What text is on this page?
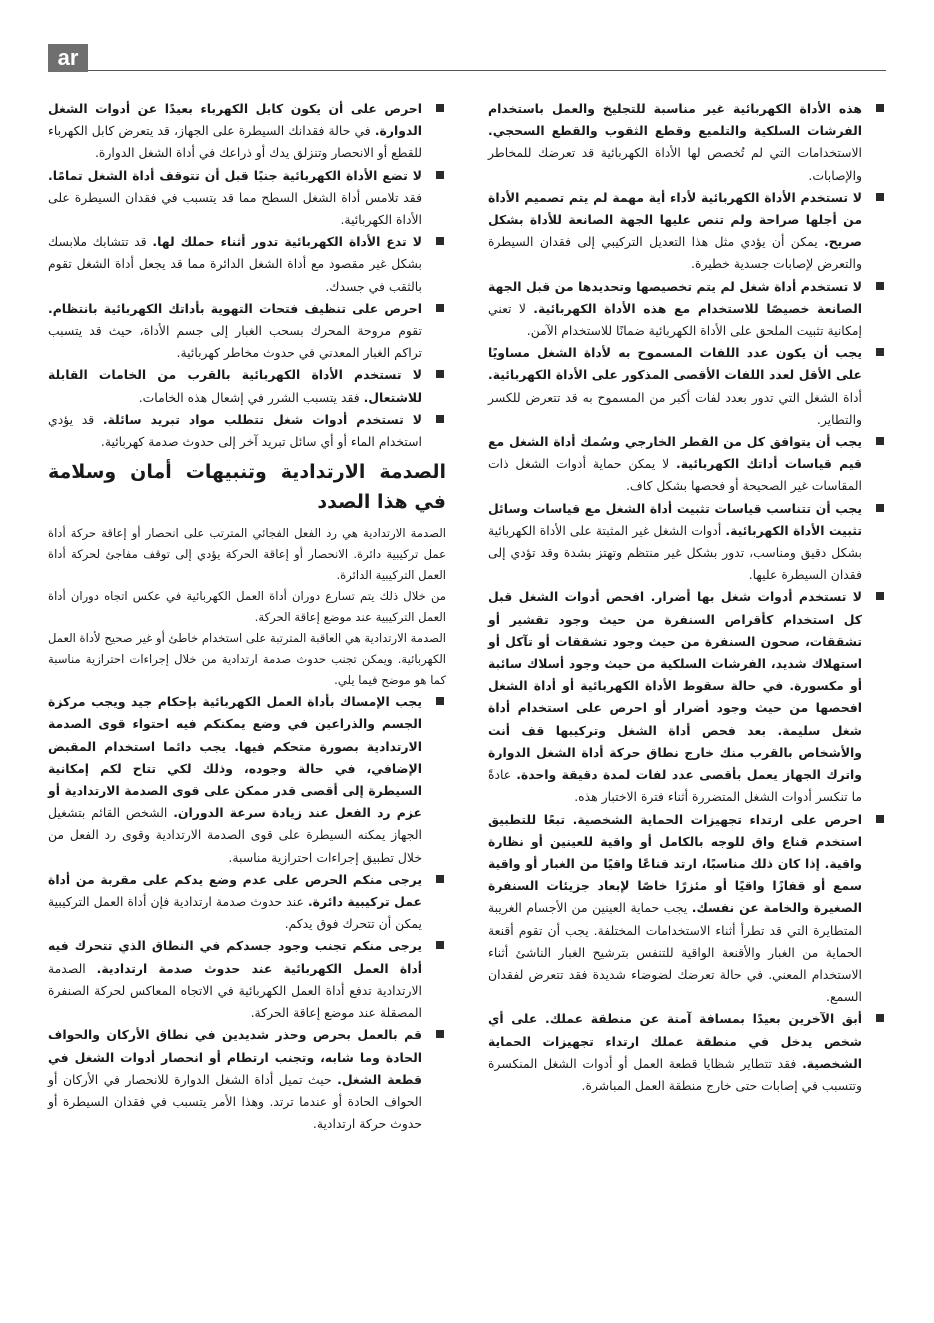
ar
هذه الأداة الكهربائية غير مناسبة للتجليخ والعمل باستخدام الفرشات السلكية والتلميع وقطع الثقوب والقطع السحجي. الاستخدامات التي لم تُخصص لها الأداة الكهربائية قد تعرضك للمخاطر والإصابات.
لا تستخدم الأداة الكهربائية لأداء أية مهمة لم يتم تصميم الأداة من أجلها صراحة ولم تنص عليها الجهة الصانعة للأداة بشكل صريح. يمكن أن يؤدي مثل هذا التعديل التركيبي إلى فقدان السيطرة والتعرض لإصابات جسدية خطيرة.
لا تستخدم أداة شغل لم يتم تخصيصها وتحديدها من قبل الجهة الصانعة خصيصًا للاستخدام مع هذه الأداة الكهربائية. لا تعني إمكانية تثبيت الملحق على الأداة الكهربائية ضمانًا للاستخدام الآمن.
يجب أن يكون عدد اللفات المسموح به لأداة الشغل مساويًا على الأقل لعدد اللفات الأقصى المذكور على الأداة الكهربائية. أداة الشغل التي تدور بعدد لفات أكبر من المسموح به قد تتعرض للكسر والتطاير.
يجب أن يتوافق كل من القطر الخارجي وسُمك أداة الشغل مع قيم قياسات أداتك الكهربائية. لا يمكن حماية أدوات الشغل ذات المقاسات غير الصحيحة أو فحصها بشكل كاف.
يجب أن تتناسب قياسات تثبيت أداة الشغل مع قياسات وسائل تثبيت الأداة الكهربائية. أدوات الشغل غير المثبتة على الأداة الكهربائية بشكل دقيق ومناسب، تدور بشكل غير منتظم وتهتز بشدة وقد تؤدي إلى فقدان السيطرة عليها.
لا تستخدم أدوات شغل بها أضرار. افحص أدوات الشغل قبل كل استخدام كأقراص السنفرة من حيث وجود تقشير أو تشققات، صحون السنفرة من حيث وجود تشققات أو تآكل أو استهلاك شديد، الفرشات السلكية من حيث وجود أسلاك سائبة أو مكسورة. في حالة سقوط الأداة الكهربائية أو أداة الشغل افحصها من حيث وجود أضرار أو احرص على استخدام أداة شغل سليمة. بعد فحص أداة الشغل وتركيبها قف أنت والأشخاص بالقرب منك خارج نطاق حركة أداة الشغل الدوارة واترك الجهاز يعمل بأقصى عدد لفات لمدة دقيقة واحدة. عادةً ما تنكسر أدوات الشغل المتضررة أثناء فترة الاختبار هذه.
احرص على ارتداء تجهيزات الحماية الشخصية. تبعًا للتطبيق استخدم قناع واق للوجه بالكامل أو واقية للعينين أو نظارة واقية. إذا كان ذلك مناسبًا، ارتد قناعًا واقيًا من الغبار أو واقية سمع أو قفازًا واقيًا أو مئزرًا خاصًا لإبعاد جزيئات السنفرة الصغيرة والخامة عن نفسك. يجب حماية العينين من الأجسام الغريبة المتطايرة التي قد تطرأ أثناء الاستخدامات المختلفة. يجب أن تقوم أقنعة الحماية من الغبار والأقنعة الواقية للتنفس بترشيح الغبار الناشئ أثناء الاستخدام المعني. في حالة تعرضك لضوضاء شديدة فقد تتعرض لفقدان السمع.
أبق الآخرين بعيدًا بمسافة آمنة عن منطقة عملك. على أي شخص يدخل في منطقة عملك ارتداء تجهيزات الحماية الشخصية. فقد تتطاير شظايا قطعة العمل أو أدوات الشغل المنكسرة وتتسبب في إصابات حتى خارج منطقة العمل المباشرة.
احرص على أن يكون كابل الكهرباء بعيدًا عن أدوات الشغل الدوارة. في حالة فقدانك السيطرة على الجهاز، قد يتعرض كابل الكهرباء للقطع أو الانحصار وتنزلق يدك أو ذراعك في أداة الشغل الدوارة.
لا تضع الأداة الكهربائية جنبًا قبل أن تتوقف أداة الشغل تمامًا. فقد تلامس أداة الشغل السطح مما قد يتسبب في فقدان السيطرة على الأداة الكهربائية.
لا تدع الأداة الكهربائية تدور أثناء حملك لها. قد تتشابك ملابسك بشكل غير مقصود مع أداة الشغل الدائرة مما قد يجعل أداة الشغل تقوم بالثقب في جسدك.
احرص على تنظيف فتحات التهوية بأداتك الكهربائية بانتظام. تقوم مروحة المحرك بسحب الغبار إلى جسم الأداة، حيث قد يتسبب تراكم الغبار المعدني في حدوث مخاطر كهربائية.
لا تستخدم الأداة الكهربائية بالقرب من الخامات القابلة للاشتعال. فقد يتسبب الشرر في إشعال هذه الخامات.
لا تستخدم أدوات شغل تتطلب مواد تبريد سائلة. قد يؤدي استخدام الماء أو أي سائل تبريد آخر إلى حدوث صدمة كهربائية.
الصدمة الارتدادية وتنبيهات أمان وسلامة في هذا الصدد

الصدمة الارتدادية هي رد الفعل الفجائي المترتب على انحصار أو إعاقة حركة أداة عمل تركيبية دائرة. الانحصار أو إعاقة الحركة يؤدي إلى توقف مفاجئ لحركة أداة العمل التركيبية الدائرة.

من خلال ذلك يتم تسارع دوران أداة العمل الكهربائية في عكس اتجاه دوران أداة العمل التركيبية عند موضع إعاقة الحركة.

الصدمة الارتدادية هي العاقبة المترتبة على استخدام خاطئ أو غير صحيح لأداة العمل الكهربائية. ويمكن تجنب حدوث صدمة ارتدادية من خلال إجراءات احترازية مناسبة كما هو موضح فيما يلي.

يجب الإمساك بأداة العمل الكهربائية بإحكام جيد ويجب مركزة الجسم والذراعين في وضع يمكنكم فيه احتواء قوى الصدمة الارتدادية بصورة متحكم فيها. يجب دائما استخدام المقبض الإضافي، في حالة وجوده، وذلك لكي تتاح لكم إمكانية السيطرة إلى أقصى قدر ممكن على قوى الصدمة الارتدادية أو عزم رد الفعل عند زيادة سرعة الدوران. الشخص القائم بتشغيل الجهاز يمكنه السيطرة على قوى الصدمة الارتدادية وقوى رد الفعل من خلال تطبيق إجراءات احترازية مناسبة.
يرجى منكم الحرص على عدم وضع يدكم على مقربة من أداة عمل تركيبية دائرة. عند حدوث صدمة ارتدادية فإن أداة العمل التركيبية يمكن أن تتحرك فوق يدكم.
يرجى منكم تجنب وجود جسدكم في النطاق الذي تتحرك فيه أداة العمل الكهربائية عند حدوث صدمة ارتدادية. الصدمة الارتدادية تدفع أداة العمل الكهربائية في الاتجاه المعاكس لحركة الصنفرة المصقلة عند موضع إعاقة الحركة.
قم بالعمل بحرص وحذر شديدين في نطاق الأركان والحواف الحادة وما شابه، وتجنب ارتطام أو انحصار أدوات الشغل في قطعة الشغل. حيث تميل أداة الشغل الدوارة للانحصار في الأركان أو الحواف الحادة أو عندما ترتد. وهذا الأمر يتسبب في فقدان السيطرة أو حدوث حركة ارتدادية.
